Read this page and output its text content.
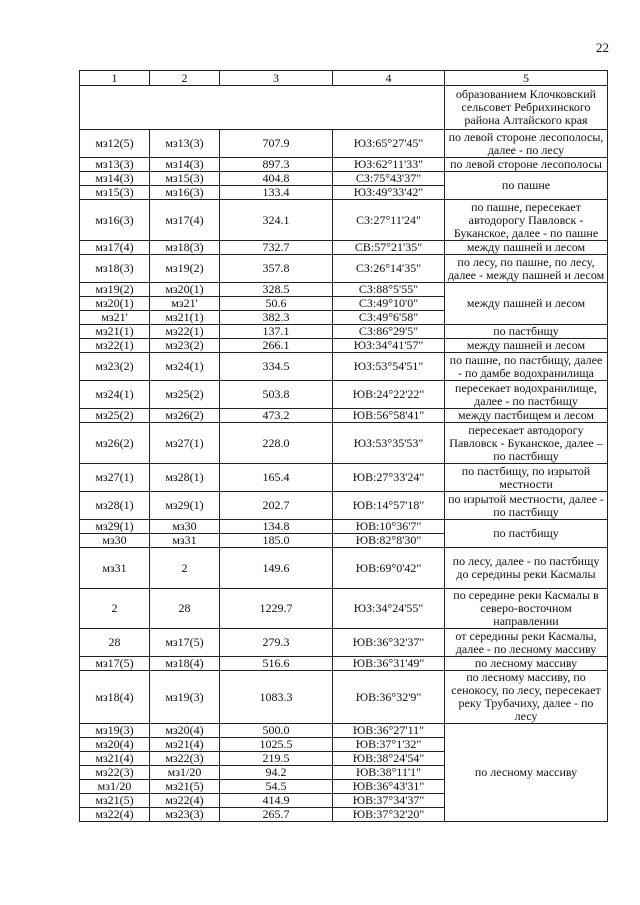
22
1	2	3	4	5
				образованием Клочковский сельсовет Ребрихинского района Алтайского края
мз12(5)	мз13(3)	707.9	ЮЗ:65°27'45"	по левой стороне лесополосы, далее - по лесу
мз13(3)	мз14(3)	897.3	ЮЗ:62°11'33"	по левой стороне лесополосы
мз14(3)	мз15(3)	404.8	СЗ:75°43'37"	по пашне
мз15(3)	мз16(3)	133.4	ЮЗ:49°33'42"	
мз16(3)	мз17(4)	324.1	СЗ:27°11'24"	по пашне, пересекает автодорогу Павловск - Буканское, далее - по пашне
мз17(4)	мз18(3)	732.7	СВ:57°21'35"	между пашней и лесом
мз18(3)	мз19(2)	357.8	СЗ:26°14'35"	по лесу, по пашне, по лесу, далее - между пашней и лесом
мз19(2)	мз20(1)	328.5	СЗ:88°5'55"	между пашней и лесом
мз20(1)	мз21'	50.6	СЗ:49°10'0"	
мз21'	мз21(1)	382.3	СЗ:49°6'58"	
мз21(1)	мз22(1)	137.1	СЗ:86°29'5"	по пастбищу
мз22(1)	мз23(2)	266.1	ЮЗ:34°41'57"	между пашней и лесом
мз23(2)	мз24(1)	334.5	ЮЗ:53°54'51"	по пашне, по пастбищу, далее - по дамбе водохранилища
мз24(1)	мз25(2)	503.8	ЮВ:24°22'22"	пересекает водохранилище, далее - по пастбищу
мз25(2)	мз26(2)	473.2	ЮВ:56°58'41"	между пастбищем и лесом
мз26(2)	мз27(1)	228.0	ЮЗ:53°35'53"	пересекает автодорогу Павловск - Буканское, далее – по пастбищу
мз27(1)	мз28(1)	165.4	ЮВ:27°33'24"	по пастбищу, по изрытой местности
мз28(1)	мз29(1)	202.7	ЮВ:14°57'18"	по изрытой местности, далее - по пастбищу
мз29(1)	мз30	134.8	ЮВ:10°36'7"	по пастбищу
мз30	мз31	185.0	ЮВ:82°8'30"	
мз31	2	149.6	ЮВ:69°0'42"	по лесу, далее - по пастбищу до середины реки Касмалы
2	28	1229.7	ЮЗ:34°24'55"	по середине реки Касмалы в северо-восточном направлении
28	мз17(5)	279.3	ЮВ:36°32'37"	от середины реки Касмалы, далее - по лесному массиву
мз17(5)	мз18(4)	516.6	ЮВ:36°31'49"	по лесному массиву
мз18(4)	мз19(3)	1083.3	ЮВ:36°32'9"	по лесному массиву, по сенокосу, по лесу, пересекает реку Трубачиху, далее - по лесу
мз19(3)	мз20(4)	500.0	ЮВ:36°27'11"	по лесному массиву
мз20(4)	мз21(4)	1025.5	ЮВ:37°1'32"	
мз21(4)	мз22(3)	219.5	ЮВ:38°24'54"	
мз22(3)	мз1/20	94.2	ЮВ:38°11'1"	
мз1/20	мз21(5)	54.5	ЮВ:36°43'31"	
мз21(5)	мз22(4)	414.9	ЮВ:37°34'37"	
мз22(4)	мз23(3)	265.7	ЮВ:37°32'20"	
